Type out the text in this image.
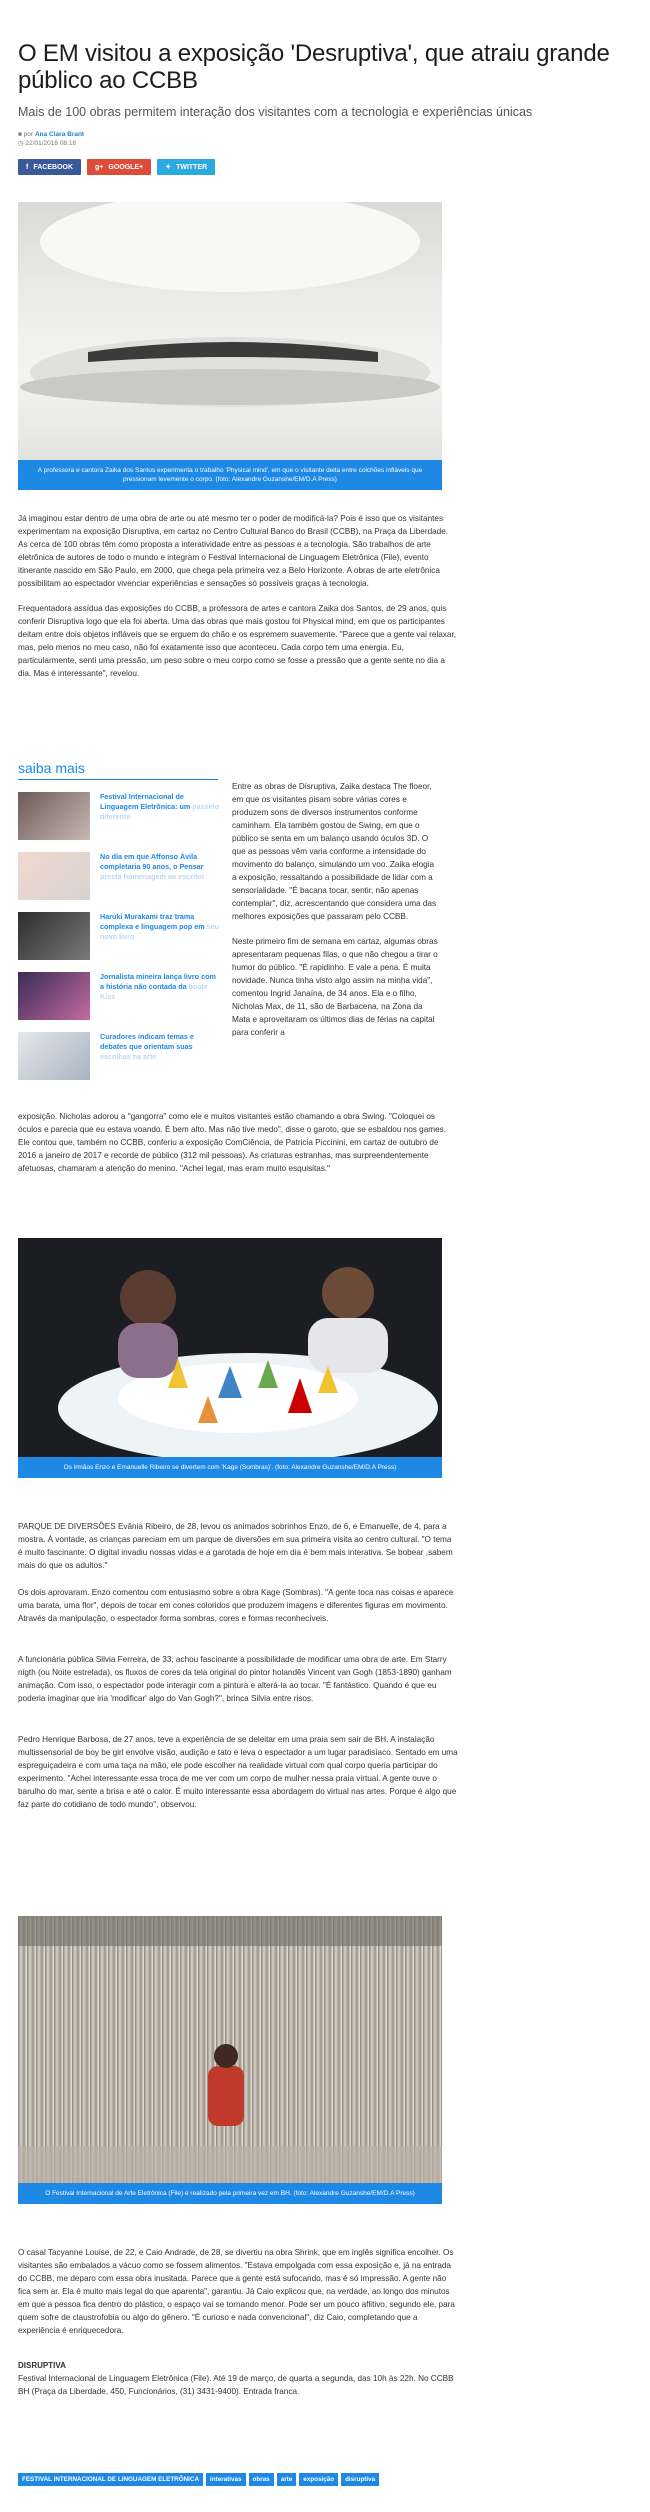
O EM visitou a exposição 'Desruptiva', que atraiu grande público ao CCBB
Mais de 100 obras permitem interação dos visitantes com a tecnologia e experiências únicas
■ por Ana Clara Brant
◷ 22/01/2018 08:18
f FACEBOOK	g+ GOOGLE+	✦ TWITTER
A professora e cantora Zaika dos Santos experimenta o trabalho 'Physical mind', em que o visitante deita entre colchões infláveis que pressionam levemente o corpo. (foto: Alexandre Guzanshe/EM/D.A Press)

Já imaginou estar dentro de uma obra de arte ou até mesmo ter o poder de modificá-la? Pois é isso que os visitantes experimentam na exposição Disruptiva, em cartaz no Centro Cultural Banco do Brasil (CCBB), na Praça da Liberdade. As cerca de 100 obras têm como proposta a interatividade entre as pessoas e a tecnologia. São trabalhos de arte eletrônica de autores de todo o mundo e integram o Festival Internacional de Linguagem Eletrônica (File), evento itinerante nascido em São Paulo, em 2000, que chega pela primeira vez a Belo Horizonte. A obras de arte eletrônica possibilitam ao espectador vivenciar experiências e sensações só possíveis graças à tecnologia.

Frequentadora assídua das exposições do CCBB, a professora de artes e cantora Zaika dos Santos, de 29 anos, quis conferir Disruptiva logo que ela foi aberta. Uma das obras que mais gostou foi Physical mind, em que os participantes deitam entre dois objetos infláveis que se erguem do chão e os espremem suavemente. "Parece que a gente vai relaxar, mas, pelo menos no meu caso, não foi exatamente isso que aconteceu. Cada corpo tem uma energia. Eu, particularmente, senti uma pressão, um peso sobre o meu corpo como se fosse a pressão que a gente sente no dia a dia. Mas é interessante", revelou.

saiba mais
Festival Internacional de Linguagem Eletrônica: um passeio diferente
No dia em que Affonso Ávila completaria 90 anos, o Pensar presta homenagem ao escritor
Haruki Murakami traz trama complexa e linguagem pop em seu novo livro
Jornalista mineira lança livro com a história não contada da boate Kiss
Curadores indicam temas e debates que orientam suas escolhas na arte

Entre as obras de Disruptiva, Zaika destaca The floeor, em que os visitantes pisam sobre várias cores e produzem sons de diversos instrumentos conforme caminham. Ela também gostou de Swing, em que o público se senta em um balanço usando óculos 3D. O que as pessoas vêm varia conforme a intensidade do movimento do balanço, simulando um voo. Zaika elogia a exposição, ressaltando a possibilidade de lidar com a sensorialidade. "É bacana tocar, sentir, não apenas contemplar", diz, acrescentando que considera uma das melhores exposições que passaram pelo CCBB.

Neste primeiro fim de semana em cartaz, algumas obras apresentaram pequenas filas, o que não chegou a tirar o humor do público. "É rapidinho. E vale a pena. É muita novidade. Nunca tinha visto algo assim na minha vida", comentou Ingrid Janaína, de 34 anos. Ela e o filho, Nicholas Max, de 11, são de Barbacena, na Zona da Mata e aproveitaram os últimos dias de férias na capital para conferir a

exposição. Nicholas adorou a "gangorra" como ele e muitos visitantes estão chamando a obra Swing. "Coloquei os óculos e parecia que eu estava voando. É bem alto. Mas não tive medo", disse o garoto, que se esbaldou nos games. Ele contou que, também no CCBB, conferiu a exposição ComCiência, de Patricia Piccinini, em cartaz de outubro de 2016 a janeiro de 2017 e recorde de público (312 mil pessoas). As criaturas estranhas, mas surpreendentemente afetuosas, chamaram a atenção do menino. "Achei legal, mas eram muito esquisitas."

Os irmãos Enzo e Emanuelle Ribeiro se divertem com 'Kage (Sombras)'. (foto: Alexandre Guzanshe/EM/D.A Press)

PARQUE DE DIVERSÕES Evânia Ribeiro, de 28, levou os animados sobrinhos Enzo, de 6, e Emanuelle, de 4, para a mostra. À vontade, as crianças pareciam em um parque de diversões em sua primeira visita ao centro cultural. "O tema é muito fascinante. O digital invadiu nossas vidas e a garotada de hoje em dia é bem mais interativa. Se bobear ,sabem mais do que os adultos."

Os dois aprovaram. Enzo comentou com entusiasmo sobre a obra Kage (Sombras). "A gente toca nas coisas e aparece uma barata, uma flor", depois de tocar em cones coloridos que produzem imagens e diferentes figuras em movimento. Através da manipulação, o espectador forma sombras, cores e formas reconhecíveis.

A funcionária pública Silvia Ferreira, de 33, achou fascinante a possibilidade de modificar uma obra de arte. Em Starry nigth (ou Noite estrelada), os fluxos de cores da tela original do pintor holandês Vincent van Gogh (1853-1890) ganham animação. Com isso, o espectador pode interagir com a pintura e alterá-la ao tocar. "É fantástico. Quando é que eu poderia imaginar que iria 'modificar' algo do Van Gogh?", brinca Silvia entre risos.

Pedro Henrique Barbosa, de 27 anos, teve a experiência de se deleitar em uma praia sem sair de BH. A instalação multissensorial de boy be girl envolve visão, audição e tato e leva o espectador a um lugar paradisíaco. Sentado em uma espreguiçadeira e com uma taça na mão, ele pode escolher na realidade virtual com qual corpo queria participar do experimento. "Achei interessante essa troca de me ver com um corpo de mulher nessa praia virtual. A gente ouve o barulho do mar, sente a brisa e até o calor. É muito interessante essa abordagem do virtual nas artes. Porque é algo que faz parte do cotidiano de todo mundo", observou.

O Festival Internacional de Arte Eletrônica (File) é realizado pela primeira vez em BH. (foto: Alexandre Guzanshe/EM/D.A Press)

O casal Tacyanne Louise, de 22, e Caio Andrade, de 28, se divertiu na obra Shrink, que em inglês significa encolher. Os visitantes são embalados a vácuo como se fossem alimentos. "Estava empolgada com essa exposição e, já na entrada do CCBB, me deparo com essa obra inusitada. Parece que a gente está sufocando, mas é só impressão. A gente não fica sem ar. Ela é muito mais legal do que aparenta", garantiu. Já Caio explicou que, na verdade, ao longo dos minutos em que a pessoa fica dentro do plástico, o espaço vai se tornando menor. Pode ser um pouco aflitivo, segundo ele, para quem sofre de claustrofobia ou algo do gênero. "É curioso e nada convencional", diz Caio, completando que a experiência é enriquecedora.

DISRUPTIVA

Festival Internacional de Linguagem Eletrônica (File). Até 19 de março, de quarta a segunda, das 10h às 22h. No CCBB BH (Praça da Liberdade, 450, Funcionários, (31) 3431-9400). Entrada franca.

FESTIVAL INTERNACIONAL DE LINGUAGEM ELETRÔNICA	interativas	obras	arte	exposição	disruptiva
